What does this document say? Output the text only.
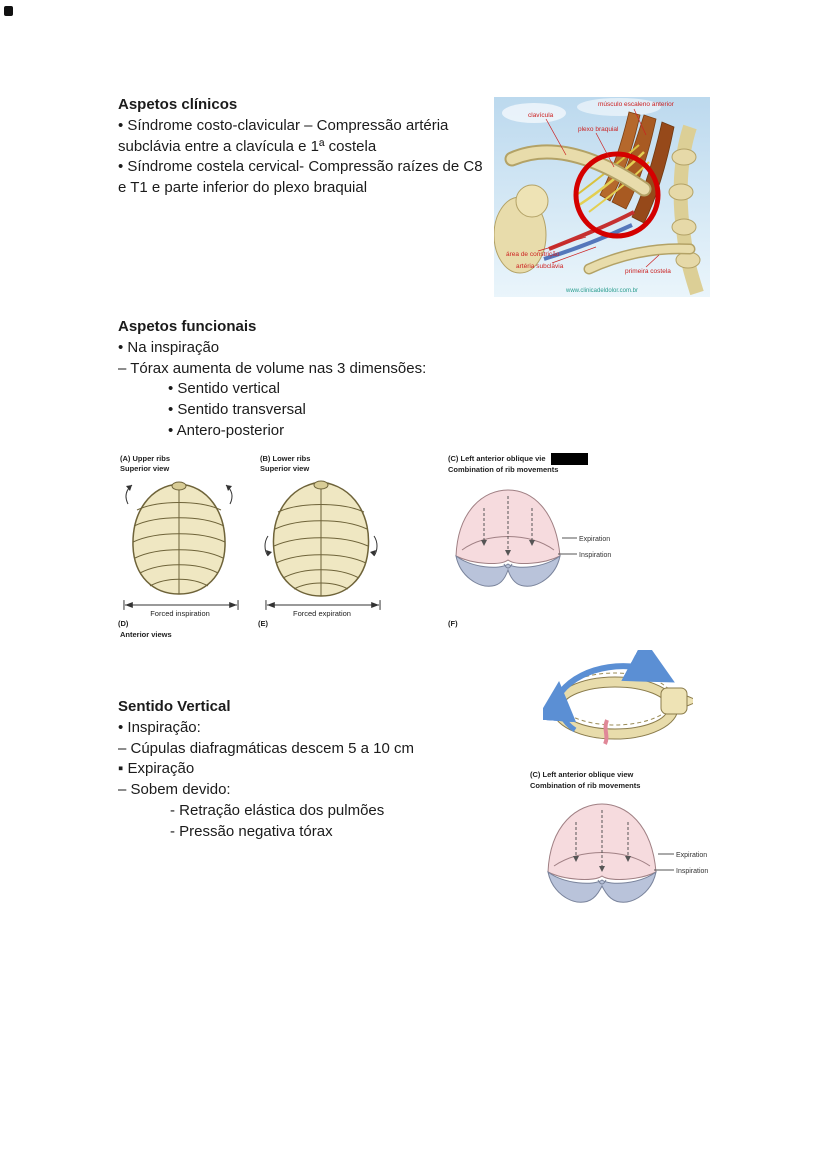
Aspetos clínicos
• Síndrome costo-clavicular – Compressão artéria subclávia entre a clavícula e 1ª costela
• Síndrome costela cervical- Compressão raízes de C8 e T1 e parte inferior do plexo braquial
clavícula
músculo escaleno anterior
plexo braquial
área de constrição
artéria subclávia
primeira costela
www.clinicadeldolor.com.br
Aspetos funcionais
• Na inspiração
– Tórax aumenta de volume nas 3 dimensões:
• Sentido vertical
• Sentido transversal
• Antero-posterior
(A) Upper ribs
Superior view
Forced inspiration
(D)
Anterior views
(B) Lower ribs
Superior view
Forced expiration
(E)
(C) Left anterior oblique vie
Combination of rib movements
Expiration
Inspiration
(F)
Sentido Vertical
• Inspiração:
– Cúpulas diafragmáticas descem 5 a 10 cm
▪ Expiração
– Sobem devido:
- Retração elástica dos pulmões
- Pressão negativa tórax
(C) Left anterior oblique view
Combination of rib movements
Expiration
Inspiration
